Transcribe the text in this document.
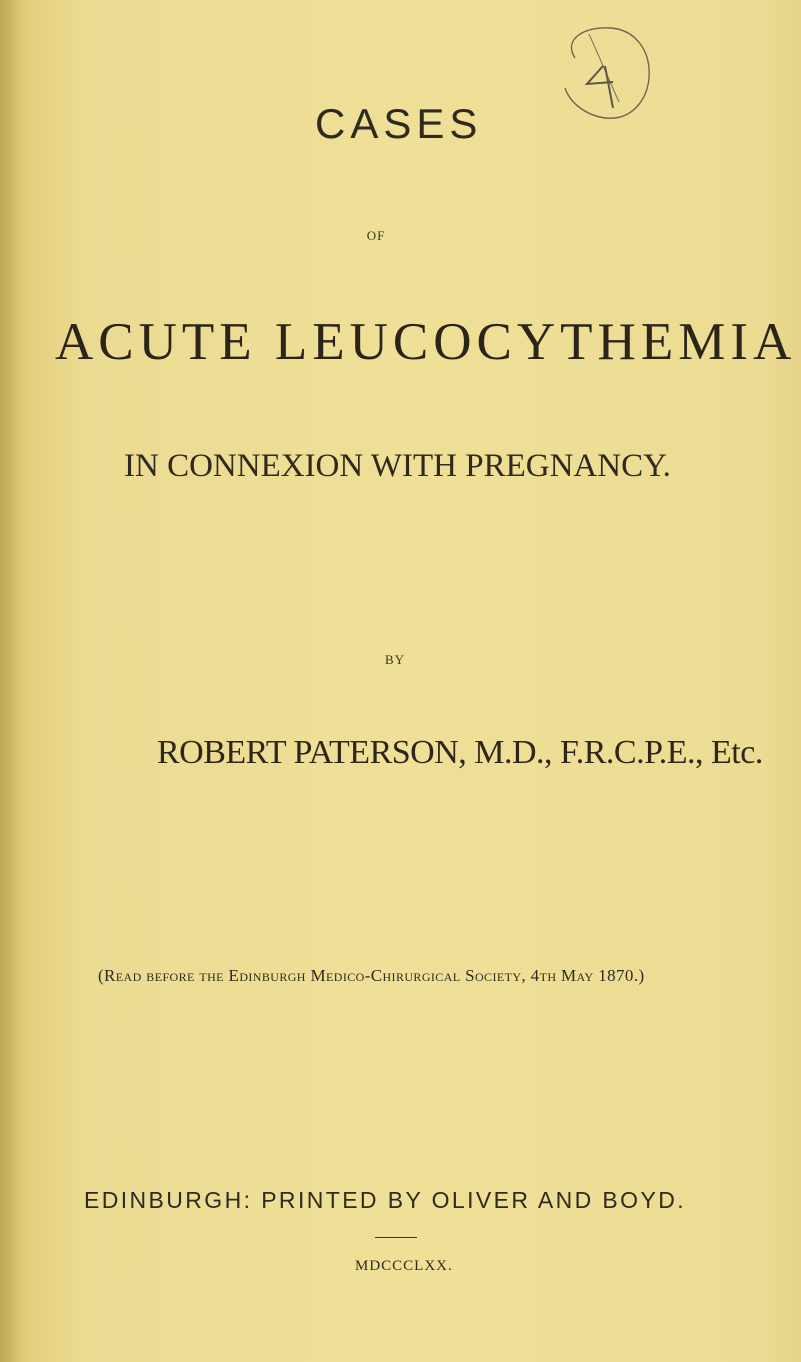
4
CASES
OF
ACUTE LEUCOCYTHEMIA
IN CONNEXION WITH PREGNANCY.
BY
ROBERT PATERSON, M.D., F.R.C.P.E., Etc.
(Read before the Edinburgh Medico-Chirurgical Society, 4th May 1870.)
EDINBURGH: PRINTED BY OLIVER AND BOYD.
MDCCCLXX.
